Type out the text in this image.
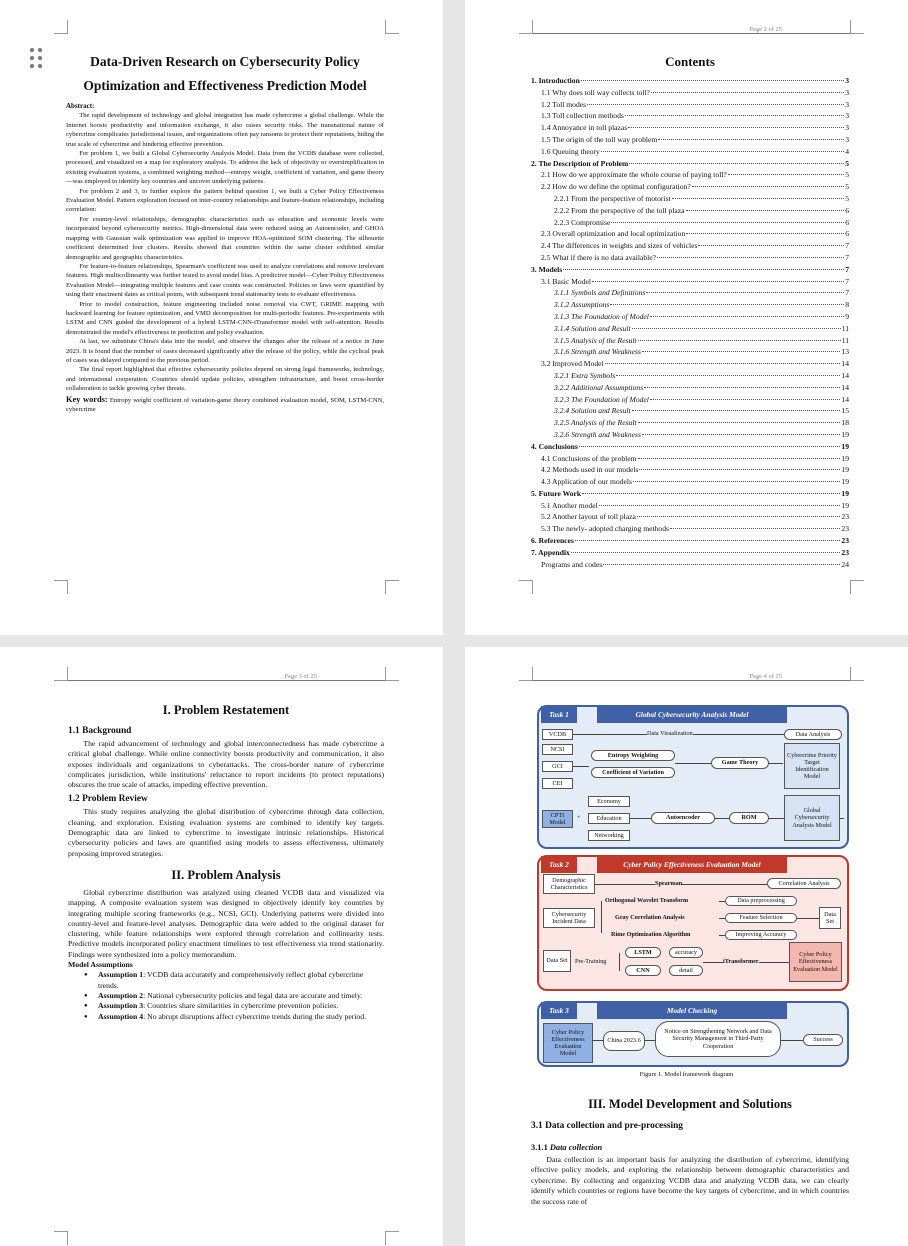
Data-Driven Research on Cybersecurity Policy
Optimization and Effectiveness Prediction Model
Abstract:

The rapid development of technology and global integration has made cybercrime a global challenge. While the Internet boosts productivity and information exchange, it also raises security risks. The transnational nature of cybercrime complicates jurisdictional issues, and organizations often pay ransoms to protect their reputations, hiding the true scale of cybercrime and hindering effective prevention.

For problem 1, we built a Global Cybersecurity Analysis Model. Data from the VCDB database were collected, processed, and visualized on a map for exploratory analysis. To address the lack of objectivity or oversimplification in existing evaluation systems, a combined weighting method—entropy weight, coefficient of variation, and game theory—was employed to identify key countries and uncover underlying patterns.

For problem 2 and 3, to further explore the pattern behind question 1, we built a Cyber Policy Effectiveness Evaluation Model. Pattern exploration focused on inter-country relationships and feature-feature relationships, including correlation:

For country-level relationships, demographic characteristics such as education and economic levels were incorporated beyond cybersecurity metrics. High-dimensional data were reduced using an Autoencoder, and GHOA mapping with Gaussian walk optimization was applied to improve HOA-optimized SOM clustering. The silhouette coefficient determined four clusters. Results showed that countries within the same cluster exhibited similar demographic and geographic characteristics.

For feature-to-feature relationships, Spearman's coefficient was used to analyze correlations and remove irrelevant features. High multicollinearity was further tested to avoid model bias. A predictive model—Cyber Policy Effectiveness Evaluation Model—integrating multiple features and case counts was constructed. Policies or laws were quantified by using their enactment dates as critical points, with subsequent trend stationarity tests to evaluate effectiveness.

Prior to model construction, feature engineering included noise removal via CWT, GRIME mapping with backward learning for feature optimization, and VMD decomposition for multi-periodic features. Pre-experiments with LSTM and CNN guided the development of a hybrid LSTM-CNN-iTransformer model with self-attention. Results demonstrated the model's effectiveness in prediction and policy evaluation.

At last, we substitute China's data into the model, and observe the changes after the release of a notice in June 2023. It is found that the number of cases decreased significantly after the release of the policy, while the cyclical peak of cases was delayed compared to the previous period.

The final report highlighted that effective cybersecurity policies depend on strong legal frameworks, technology, and international cooperation. Countries should update policies, strengthen infrastructure, and boost cross-border collaboration to tackle growing cyber threats.

Key words: Entropy weight coefficient of variation-game theory combined evaluation model, SOM, LSTM-CNN, cybercrime
Page 2 of 25
Contents
1. Introduction	3
1.1 Why does toll way collects toll?	3
1.2 Toll modes	3
1.3 Toll collection methods	3
1.4 Annoyance in toll plazas	3
1.5 The origin of the toll way problem	3
1.6 Queuing theory	4
2. The Description of Problem	5
2.1 How do we approximate the whole course of paying toll?	5
2.2 How do we define the optimal configuration?	5
2.2.1 From the perspective of motorist	5
2.2.2 From the perspective of the toll plaza	6
2.2.3 Compromise	6
2.3 Overall optimization and local optimization	6
2.4 The differences in weights and sizes of vehicles	7
2.5 What if there is no data available?	7
3. Models	7
3.1 Basic Model	7
3.1.1 Symbols and Definitions	7
3.1.2 Assumptions	8
3.1.3 The Foundation of Model	9
3.1.4 Solution and Result	11
3.1.5 Analysis of the Result	11
3.1.6 Strength and Weakness	13
3.2 Improved Model	14
3.2.1 Extra Symbols	14
3.2.2 Additional Assumptions	14
3.2.3 The Foundation of Model	14
3.2.4 Solution and Result	15
3.2.5 Analysis of the Result	18
3.2.6 Strength and Weakness	19
4. Conclusions	19
4.1 Conclusions of the problem	19
4.2 Methods used in our models	19
4.3 Application of our models	19
5. Future Work	19
5.1 Another model	19
5.2 Another layout of toll plaza	23
5.3 The newly- adopted charging methods	23
6. References	23
7. Appendix	23
Programs and codes	24
Page 3 of 25
I. Problem Restatement
1.1 Background

The rapid advancement of technology and global interconnectedness has made cybercrime a critical global challenge. While online connectivity boosts productivity and communication, it also exposes individuals and organizations to cyberattacks. The cross-border nature of cybercrime complicates jurisdiction, while institutions' reluctance to report incidents (to protect reputations) obscures the true scale of attacks, impeding effective prevention.

1.2 Problem Review

This study requires analyzing the global distribution of cybercrime through data collection, cleaning, and exploration. Existing evaluation systems are combined to identify key targets. Demographic data are linked to cybercrime to investigate intrinsic relationships. Historical cybersecurity policies and laws are quantified using models to assess effectiveness, ultimately proposing improved strategies.

II. Problem Analysis

Global cybercrime distribution was analyzed using cleaned VCDB data and visualized via mapping. A composite evaluation system was designed to objectively identify key countries by integrating multiple scoring frameworks (e.g., NCSI, GCI). Underlying patterns were divided into country-level and feature-level analyses. Demographic data were added to the original dataset for clustering, while feature relationships were explored through correlation and collinearity tests. Predictive models incorporated policy enactment timelines to test effectiveness via trend stationarity. Findings were synthesized into a policy memorandum.

Model Assumptions
● Assumption 1: VCDB data accurately and comprehensively reflect global cybercrime trends.
● Assumption 2: National cybersecurity policies and legal data are accurate and timely.
● Assumption 3: Countries share similarities in cybercrime prevention policies.
● Assumption 4: No abrupt disruptions affect cybercrime trends during the study period.
Page 4 of 25
Task 1	Global Cybersecurity Analysis Model
Data Visualization
VCDB	Data Analysis
NCSI
GCI
CEI
Entropy Weighting
Coefficient of Variation
Game Theory
Cybercrime Priority Target Identification Model
CPTI Model
+
Economy
Education
Networking
Autoencoder	ROM
Global Cybersecurity Analysis Model
Task 2	Cyber Policy Effectiveness Evaluation Model
Demographic Characteristics
Spearman	Correlation Analysis
Cybersecurity Incident Data
Orthogonal Wavelet Transform
Gray Correlation Analysis
Rime Optimization Algorithm
Data preprocessing
Feature Selection
Improving Accuracy
Data Set
Data Set	Pre-Training
LSTM
CNN
accuracy
detail
iTransformer
Cyber Policy Effectiveness Evaluation Model
Task 3	Model Checking
Cyber Policy Effectiveness Evaluation Model
China 2023.6
Notice on Strengthening Network and Data Security Management in Third-Party Cooperation
Success
Figure 1. Model framework diagram
III. Model Development and Solutions
3.1 Data collection and pre-processing
3.1.1 Data collection

Data collection is an important basis for analyzing the distribution of cybercrime, identifying effective policy models, and exploring the relationship between demographic characteristics and cybercrime. By collecting and organizing VCDB data and analyzing VCDB data, we can clearly identify which countries or regions have become the key targets of cybercrime, and in which countries the success rate of
